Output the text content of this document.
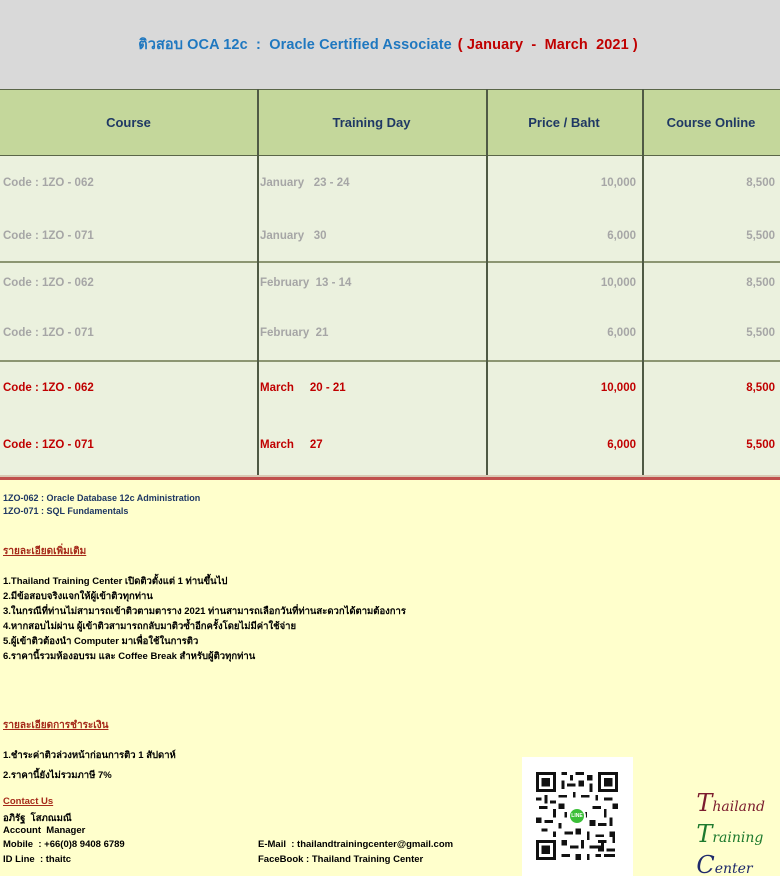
ติวสอบ OCA 12c  :  Oracle Certified Associate ( January  -  March  2021 )
Course	Training Day	Price / Baht	Course Online
Code : 1ZO - 062	January   23 - 24	10,000	8,500
Code : 1ZO - 071	January   30	6,000	5,500
Code : 1ZO - 062	February  13 - 14	10,000	8,500
Code : 1ZO - 071	February  21	6,000	5,500
Code : 1ZO - 062	March     20 - 21	10,000	8,500
Code : 1ZO - 071	March     27	6,000	5,500
1ZO-062 : Oracle Database 12c Administration
1ZO-071 : SQL Fundamentals
รายละเอียดเพิ่มเติม
1.Thailand Training Center เปิดติวตั้งแต่ 1 ท่านขึ้นไป
2.มีข้อสอบจริงแจกให้ผู้เข้าติวทุกท่าน
3.ในกรณีที่ท่านไม่สามารถเข้าติวตามตาราง 2021 ท่านสามารถเลือกวันที่ท่านสะดวกได้ตามต้องการ
4.หากสอบไม่ผ่าน ผู้เข้าติวสามารถกลับมาติวซ้ำอีกครั้งโดยไม่มีค่าใช้จ่าย
5.ผู้เข้าติวต้องนำ Computer มาเพื่อใช้ในการติว
6.ราคานี้รวมห้องอบรม และ Coffee Break สำหรับผู้ติวทุกท่าน
รายละเอียดการชำระเงิน
1.ชำระค่าติวล่วงหน้าก่อนการติว 1 สัปดาห์
2.ราคานี้ยังไม่รวมภาษี 7%
Contact Us
อภิรัฐ  โสภณมณี
Account  Manager
Mobile  : +66(0)8 9408 6789
ID Line  : thaitc
E-Mail  : thailandtrainingcenter@gmail.com
FaceBook : Thailand Training Center
LINE	Thailand

Training

Center
